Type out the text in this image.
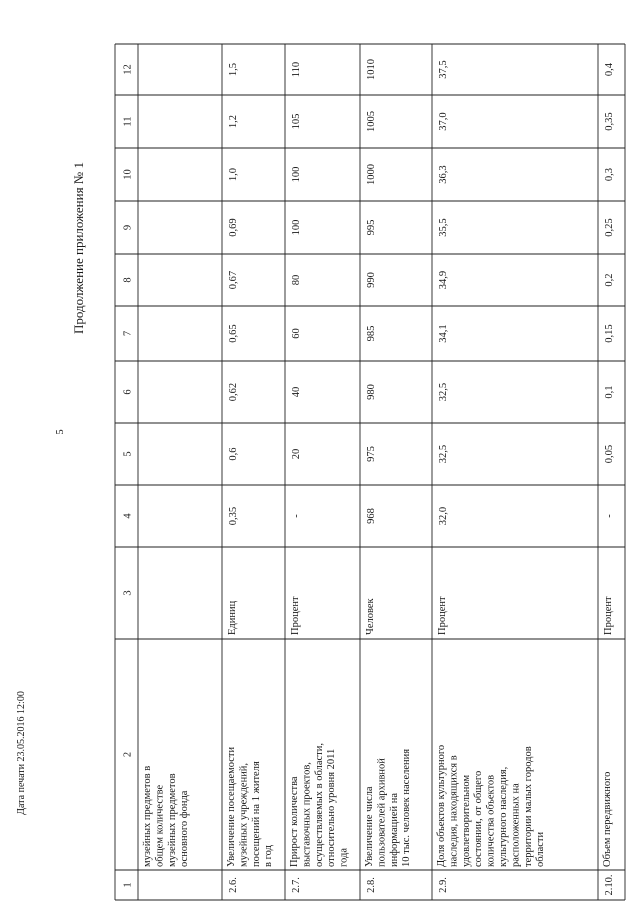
5
Продолжение приложения № 1
Дата печати 23.05.2016 12:00
1
2
3
4
5
6
7
8
9
10
11
12
музейных предметов в общем количестве музейных предметов основного фонда
2.6.
Увеличение посещаемости музейных учреждений, посещений на 1 жителя в год
Единиц
0,35
0,6
0,62
0,65
0,67
0,69
1,0
1,2
1,5
2.7.
Прирост количества выставочных проектов, осуществляемых в области, относительно уровня 2011 года
Процент
-
20
40
60
80
100
100
105
110
2.8.
Увеличение числа пользователей архивной информацией на 10 тыс. человек населения
Человек
968
975
980
985
990
995
1000
1005
1010
2.9.
Доля объектов культурного наследия, находящихся в удовлетворительном состоянии, от общего количества объектов культурного наследия, расположенных на территории малых городов области
Процент
32,0
32,5
32,5
34,1
34,9
35,5
36,3
37,0
37,5
2.10.
Объем передвижного
Процент
-
0,05
0,1
0,15
0,2
0,25
0,3
0,35
0,4
